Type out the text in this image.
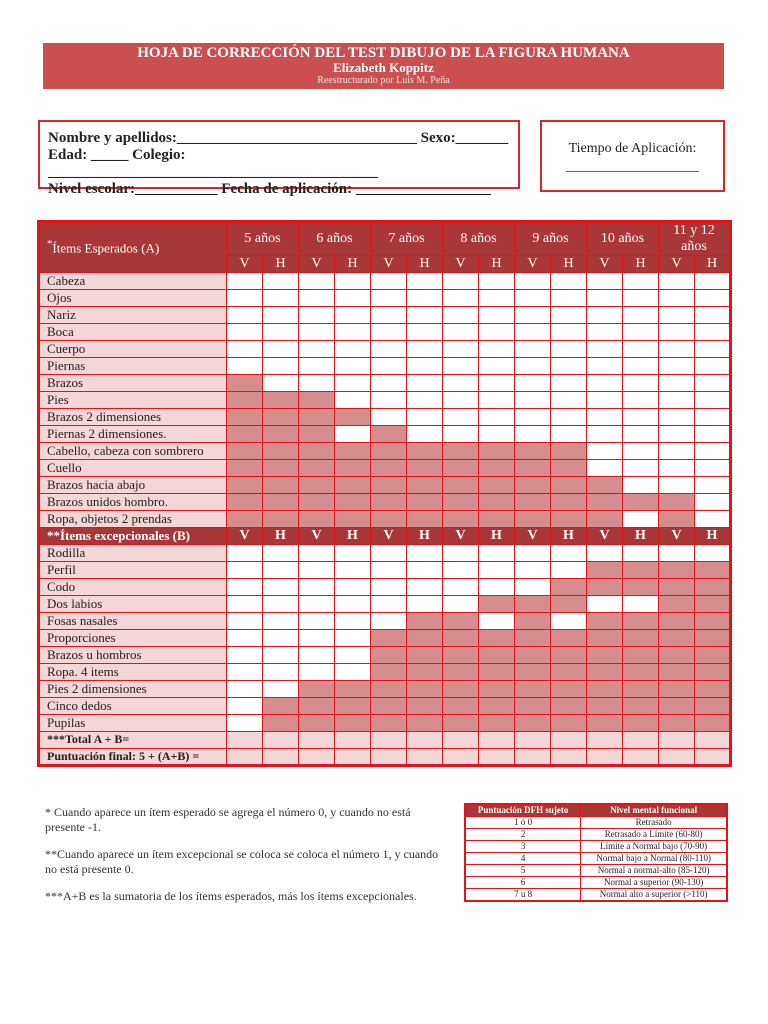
HOJA DE CORRECCIÓN DEL TEST DIBUJO DE LA FIGURA HUMANA
Elizabeth Koppitz
Reestructurado por Luis M. Peña
Nombre y apellidos:________________________________ Sexo:_______
Edad: _____ Colegio: ____________________________________________
Nivel escolar:___________ Fecha de aplicación: __________________
Tiempo de Aplicación:
___________________
*Ítems Esperados (A)	5 años		6 años		7 años		8 años		9 años		10 años		11 y 12 años	
	V	H	V	H	V	H	V	H	V	H	V	H	V	H
Cabeza														
Ojos														
Nariz														
Boca														
Cuerpo														
Piernas														
Brazos														
Pies														
Brazos 2 dimensiones														
Piernas 2 dimensiones.														
Cabello, cabeza con sombrero														
Cuello														
Brazos hacia abajo														
Brazos unidos hombro.														
Ropa, objetos 2 prendas														
**Ítems excepcionales (B)	V	H	V	H	V	H	V	H	V	H	V	H	V	H
Rodilla														
Perfil														
Codo														
Dos labios														
Fosas nasales														
Proporciones														
Brazos u hombros														
Ropa. 4 items														
Pies 2 dimensiones														
Cinco dedos														
Pupilas														
***Total A + B=														
Puntuación final: 5 + (A+B) =														

* Cuando aparece un ítem esperado se agrega el número 0, y cuando no está presente -1.

**Cuando aparece un ítem excepcional se coloca se coloca el número 1, y cuando no está presente 0.

***A+B es la sumatoria de los ítems esperados, más los ítems excepcionales.

Puntuación DFH sujeto	Nivel mental funcional
1 ó 0	Retrasado
2	Retrasado a Límite (60-80)
3	Límite a Normal bajo (70-90)
4	Normal bajo a Normal (80-110)
5	Normal a normal-alto (85-120)
6	Normal a superior (90-130)
7 u 8	Normal alto a superior (>110)
